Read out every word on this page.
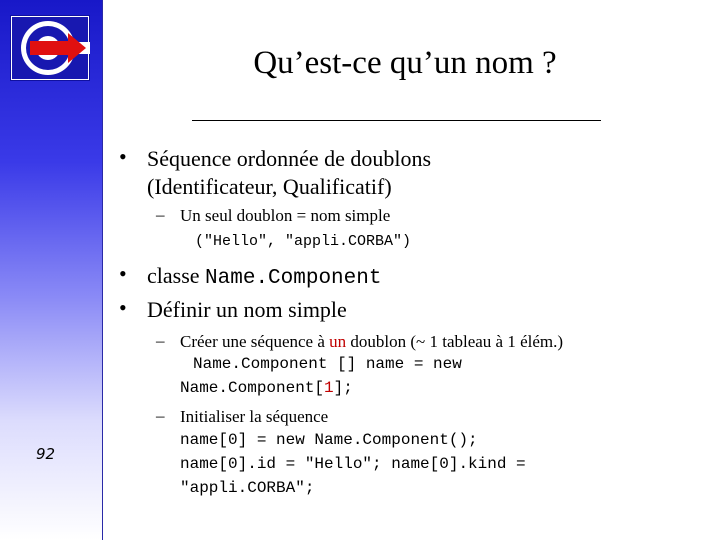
92
Qu’est-ce qu’un nom ?
• Séquence ordonnée de doublons
(Identificateur, Qualificatif)
– Un seul doublon = nom simple
("Hello", "appli.CORBA")
• classe Name.Component
• Définir un nom simple
– Créer une séquence à un doublon (~ 1 tableau à 1 élém.)
Name.Component [] name = new
Name.Component[1];
– Initialiser la séquence
name[0] = new Name.Component();
name[0].id = "Hello"; name[0].kind =
"appli.CORBA";
